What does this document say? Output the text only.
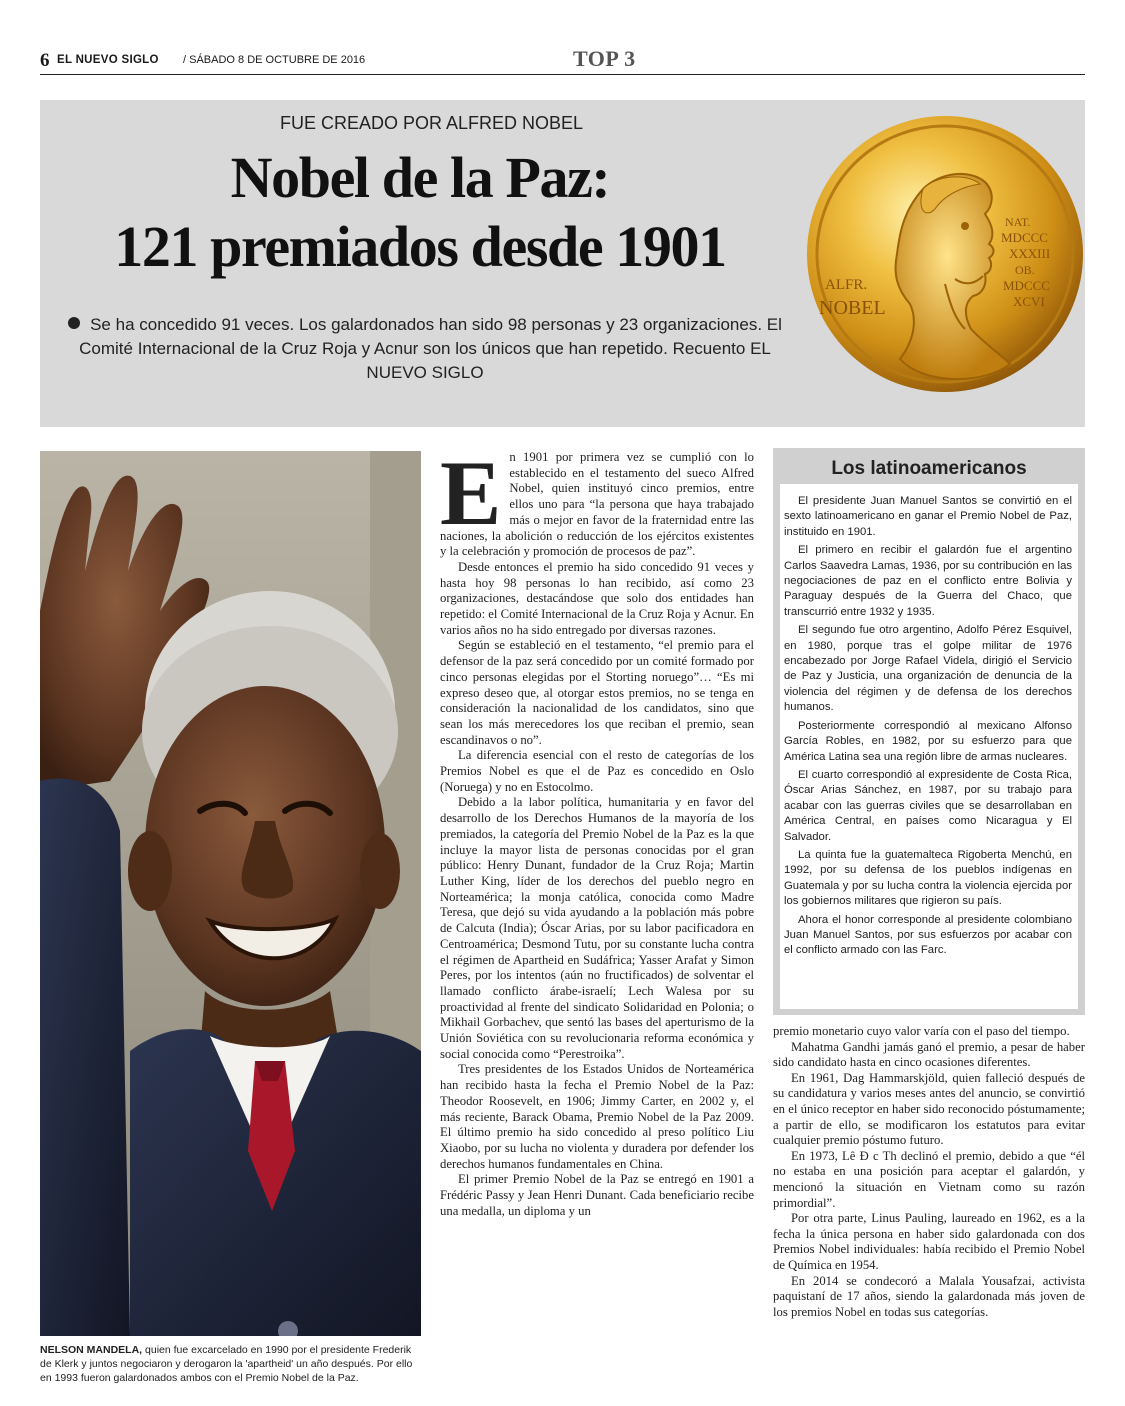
6 EL NUEVO SIGLO / SÁBADO 8 DE OCTUBRE DE 2016	TOP 3
FUE CREADO POR ALFRED NOBEL
Nobel de la Paz:
121 premiados desde 1901
Se ha concedido 91 veces. Los galardonados han sido 98 personas y 23 organizaciones. El Comité Internacional de la Cruz Roja y Acnur son los únicos que han repetido. Recuento EL NUEVO SIGLO
ALFR.
NOBEL
NAT.
MDCCC
XXXIII
OB.
MDCCC
XCVI
NELSON MANDELA, quien fue excarcelado en 1990 por el presidente Frederik de Klerk y juntos negociaron y derogaron la 'apartheid' un año después. Por ello en 1993 fueron galardonados ambos con el Premio Nobel de la Paz.

En 1901 por primera vez se cumplió con lo establecido en el testamento del sueco Alfred Nobel, quien instituyó cinco premios, entre ellos uno para “la persona que haya trabajado más o mejor en favor de la fraternidad entre las naciones, la abolición o reducción de los ejércitos existentes y la celebración y promoción de procesos de paz”.

Desde entonces el premio ha sido concedido 91 veces y hasta hoy 98 personas lo han recibido, así como 23 organizaciones, destacándose que solo dos entidades han repetido: el Comité Internacional de la Cruz Roja y Acnur. En varios años no ha sido entregado por diversas razones.

Según se estableció en el testamento, “el premio para el defensor de la paz será concedido por un comité formado por cinco personas elegidas por el Storting noruego”… “Es mi expreso deseo que, al otorgar estos premios, no se tenga en consideración la nacionalidad de los candidatos, sino que sean los más merecedores los que reciban el premio, sean escandinavos o no”.

La diferencia esencial con el resto de categorías de los Premios Nobel es que el de Paz es concedido en Oslo (Noruega) y no en Estocolmo.

Debido a la labor política, humanitaria y en favor del desarrollo de los Derechos Humanos de la mayoría de los premiados, la categoría del Premio Nobel de la Paz es la que incluye la mayor lista de personas conocidas por el gran público: Henry Dunant, fundador de la Cruz Roja; Martin Luther King, líder de los derechos del pueblo negro en Norteamérica; la monja católica, conocida como Madre Teresa, que dejó su vida ayudando a la población más pobre de Calcuta (India); Óscar Arias, por su labor pacificadora en Centroamérica; Desmond Tutu, por su constante lucha contra el régimen de Apartheid en Sudáfrica; Yasser Arafat y Simon Peres, por los intentos (aún no fructificados) de solventar el llamado conflicto árabe-israelí; Lech Walesa por su proactividad al frente del sindicato Solidaridad en Polonia; o Mikhail Gorbachev, que sentó las bases del aperturismo de la Unión Soviética con su revolucionaria reforma económica y social conocida como “Perestroika”.

Tres presidentes de los Estados Unidos de Norteamérica han recibido hasta la fecha el Premio Nobel de la Paz: Theodor Roosevelt, en 1906; Jimmy Carter, en 2002 y, el más reciente, Barack Obama, Premio Nobel de la Paz 2009. El último premio ha sido concedido al preso político Liu Xiaobo, por su lucha no violenta y duradera por defender los derechos humanos fundamentales en China.

El primer Premio Nobel de la Paz se entregó en 1901 a Frédéric Passy y Jean Henri Dunant. Cada beneficiario recibe una medalla, un diploma y un

Los latinoamericanos

El presidente Juan Manuel Santos se convirtió en el sexto latinoamericano en ganar el Premio Nobel de Paz, instituido en 1901.

El primero en recibir el galardón fue el argentino Carlos Saavedra Lamas, 1936, por su contribución en las negociaciones de paz en el conflicto entre Bolivia y Paraguay después de la Guerra del Chaco, que transcurrió entre 1932 y 1935.

El segundo fue otro argentino, Adolfo Pérez Esquivel, en 1980, porque tras el golpe militar de 1976 encabezado por Jorge Rafael Videla, dirigió el Servicio de Paz y Justicia, una organización de denuncia de la violencia del régimen y de defensa de los derechos humanos.

Posteriormente correspondió al mexicano Alfonso García Robles, en 1982, por su esfuerzo para que América Latina sea una región libre de armas nucleares.

El cuarto correspondió al expresidente de Costa Rica, Óscar Arias Sánchez, en 1987, por su trabajo para acabar con las guerras civiles que se desarrollaban en América Central, en países como Nicaragua y El Salvador.

La quinta fue la guatemalteca Rigoberta Menchú, en 1992, por su defensa de los pueblos indígenas en Guatemala y por su lucha contra la violencia ejercida por los gobiernos militares que rigieron su país.

Ahora el honor corresponde al presidente colombiano Juan Manuel Santos, por sus esfuerzos por acabar con el conflicto armado con las Farc.

premio monetario cuyo valor varía con el paso del tiempo.

Mahatma Gandhi jamás ganó el premio, a pesar de haber sido candidato hasta en cinco ocasiones diferentes.

En 1961, Dag Hammarskjöld, quien falleció después de su candidatura y varios meses antes del anuncio, se convirtió en el único receptor en haber sido reconocido póstumamente; a partir de ello, se modificaron los estatutos para evitar cualquier premio póstumo futuro.

En 1973, Lê Đ c Th declinó el premio, debido a que “él no estaba en una posición para aceptar el galardón, y mencionó la situación en Vietnam como su razón primordial”.

Por otra parte, Linus Pauling, laureado en 1962, es a la fecha la única persona en haber sido galardonada con dos Premios Nobel individuales: había recibido el Premio Nobel de Química en 1954.

En 2014 se condecoró a Malala Yousafzai, activista paquistaní de 17 años, siendo la galardonada más joven de los premios Nobel en todas sus categorías.
